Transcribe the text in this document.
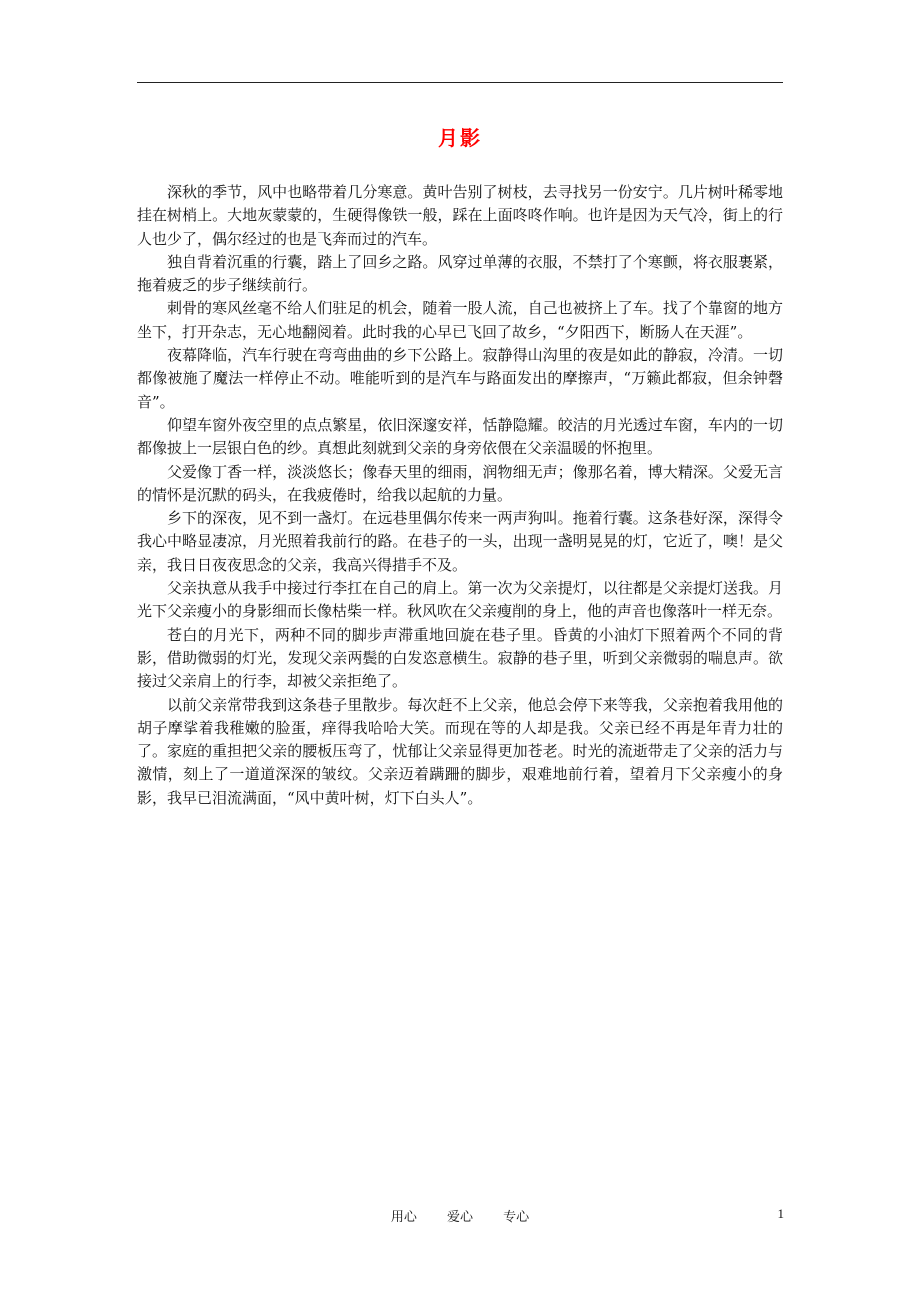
月影

深秋的季节，风中也略带着几分寒意。黄叶告别了树枝，去寻找另一份安宁。几片树叶稀零地挂在树梢上。大地灰蒙蒙的，生硬得像铁一般，踩在上面咚咚作响。也许是因为天气冷，街上的行人也少了，偶尔经过的也是飞奔而过的汽车。

独自背着沉重的行囊，踏上了回乡之路。风穿过单薄的衣服，不禁打了个寒颤，将衣服裹紧，拖着疲乏的步子继续前行。

刺骨的寒风丝毫不给人们驻足的机会，随着一股人流，自己也被挤上了车。找了个靠窗的地方坐下，打开杂志，无心地翻阅着。此时我的心早已飞回了故乡，“夕阳西下，断肠人在天涯”。

夜幕降临，汽车行驶在弯弯曲曲的乡下公路上。寂静得山沟里的夜是如此的静寂，冷清。一切都像被施了魔法一样停止不动。唯能听到的是汽车与路面发出的摩擦声，“万籁此都寂，但余钟磬音”。

仰望车窗外夜空里的点点繁星，依旧深邃安祥，恬静隐耀。皎洁的月光透过车窗，车内的一切都像披上一层银白色的纱。真想此刻就到父亲的身旁依偎在父亲温暖的怀抱里。

父爱像丁香一样，淡淡悠长；像春天里的细雨，润物细无声；像那名着，博大精深。父爱无言的情怀是沉默的码头，在我疲倦时，给我以起航的力量。

乡下的深夜，见不到一盏灯。在远巷里偶尔传来一两声狗叫。拖着行囊。这条巷好深，深得令我心中略显凄凉，月光照着我前行的路。在巷子的一头，出现一盏明晃晃的灯，它近了，噢！是父亲，我日日夜夜思念的父亲，我高兴得措手不及。

父亲执意从我手中接过行李扛在自己的肩上。第一次为父亲提灯，以往都是父亲提灯送我。月光下父亲瘦小的身影细而长像枯柴一样。秋风吹在父亲瘦削的身上，他的声音也像落叶一样无奈。

苍白的月光下，两种不同的脚步声滞重地回旋在巷子里。昏黄的小油灯下照着两个不同的背影，借助微弱的灯光，发现父亲两鬓的白发恣意横生。寂静的巷子里，听到父亲微弱的喘息声。欲接过父亲肩上的行李，却被父亲拒绝了。

以前父亲常带我到这条巷子里散步。每次赶不上父亲，他总会停下来等我，父亲抱着我用他的胡子摩挲着我稚嫩的脸蛋，痒得我哈哈大笑。而现在等的人却是我。父亲已经不再是年青力壮的了。家庭的重担把父亲的腰板压弯了，忧郁让父亲显得更加苍老。时光的流逝带走了父亲的活力与激情，刻上了一道道深深的皱纹。父亲迈着蹒跚的脚步，艰难地前行着，望着月下父亲瘦小的身影，我早已泪流满面，“风中黄叶树，灯下白头人”。

用心 爱心 专心	1
